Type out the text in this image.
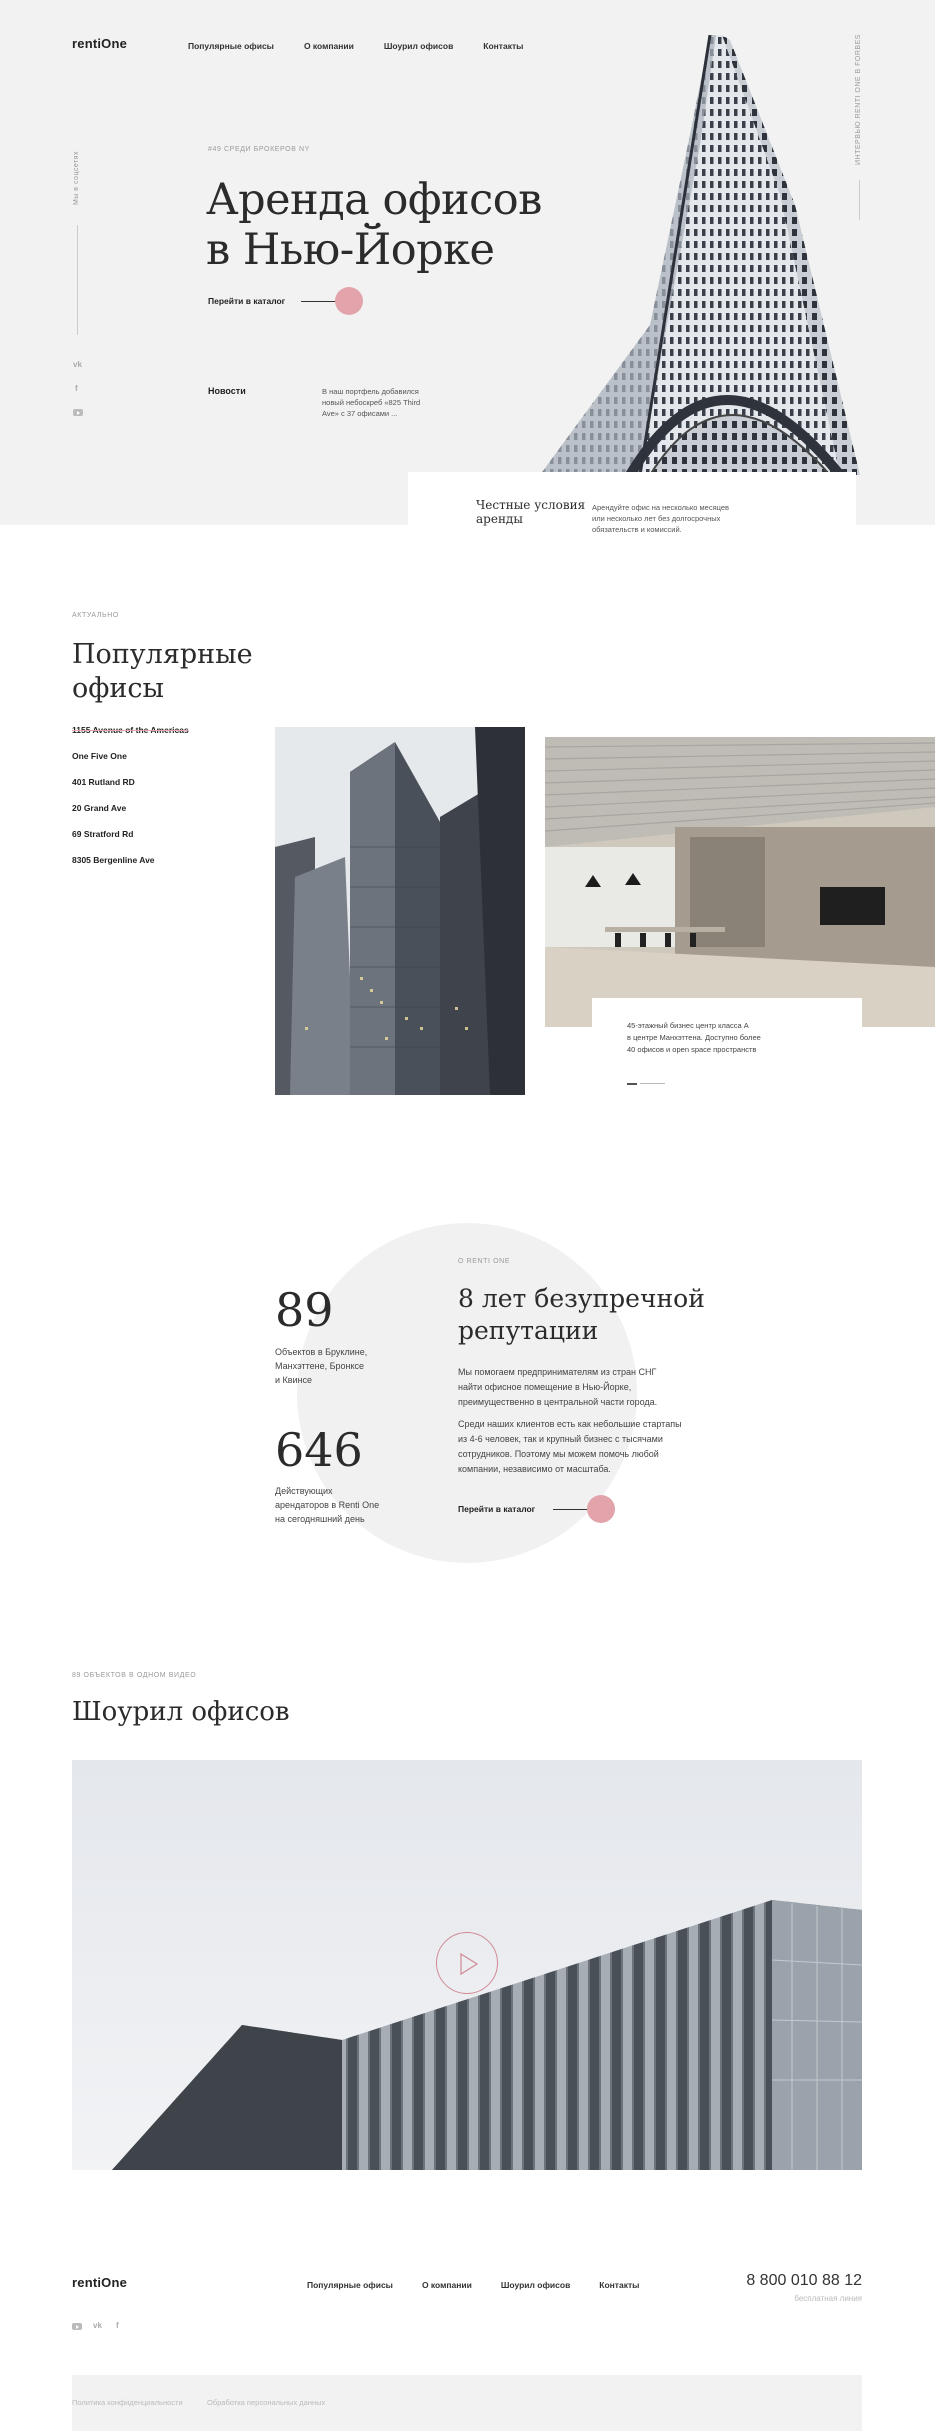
rentiOne	Популярные офисы	О компании	Шоурил офисов	Контакты
Мы в соцсетях
vk
f
#49 СРЕДИ БРОКЕРОВ NY
Аренда офисов
в Нью-Йорке
Перейти в каталог
Новости	В наш портфель добавился
новый небоскреб «825 Third
Ave» с 37 офисами ...
ИНТЕРВЬЮ RENTI ONE В FORBES
Честные условия
аренды
Арендуйте офис на несколько месяцев
или несколько лет без долгосрочных
обязательств и комиссий.
АКТУАЛЬНО
Популярные
офисы
1155 Avenue of the Americas
One Five One
401 Rutland RD
20 Grand Ave
69 Stratford Rd
8305 Bergenline Ave
45-этажный бизнес центр класса А
в центре Манхэттена. Доступно более
40 офисов и open space пространств
89
Объектов в Бруклине,
Манхэттене, Бронксе
и Квинсе
646
Действующих
арендаторов в Renti One
на сегодняшний день
О RENTI ONE
8 лет безупречной
репутации
Мы помогаем предпринимателям из стран СНГ
найти офисное помещение в Нью-Йорке,
преимущественно в центральной части города.
Среди наших клиентов есть как небольшие стартапы
из 4-6 человек, так и крупный бизнес с тысячами
сотрудников. Поэтому мы можем помочь любой
компании, независимо от масштаба.
Перейти в каталог
89 ОБЪЕКТОВ В ОДНОМ ВИДЕО
Шоурил офисов
rentiOne	Популярные офисы	О компании	Шоурил офисов	Контакты	8 800 010 88 12
бесплатная линия
vk f
Политика конфиденциальности	Обработка персональных данных
